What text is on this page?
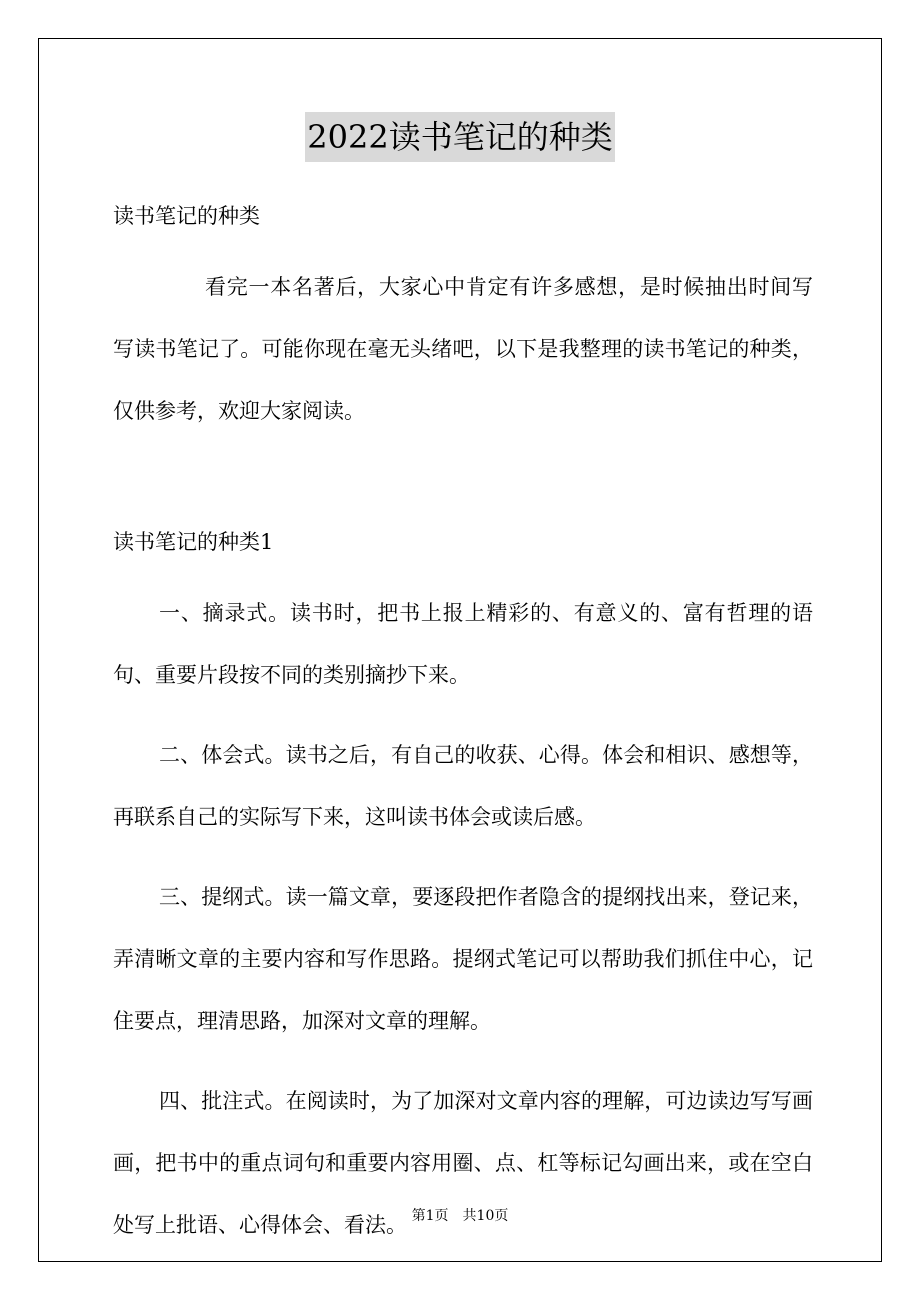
2022读书笔记的种类

读书笔记的种类

看完一本名著后，大家心中肯定有许多感想，是时候抽出时间写写读书笔记了。可能你现在毫无头绪吧，以下是我整理的读书笔记的种类，仅供参考，欢迎大家阅读。

读书笔记的种类1

一、摘录式。读书时，把书上报上精彩的、有意义的、富有哲理的语句、重要片段按不同的类别摘抄下来。

二、体会式。读书之后，有自己的收获、心得。体会和相识、感想等，再联系自己的实际写下来，这叫读书体会或读后感。

三、提纲式。读一篇文章，要逐段把作者隐含的提纲找出来，登记来，弄清晰文章的主要内容和写作思路。提纲式笔记可以帮助我们抓住中心，记住要点，理清思路，加深对文章的理解。

四、批注式。在阅读时，为了加深对文章内容的理解，可边读边写写画画，把书中的重点词句和重要内容用圈、点、杠等标记勾画出来，或在空白处写上批语、心得体会、看法。 第1页 共10页
